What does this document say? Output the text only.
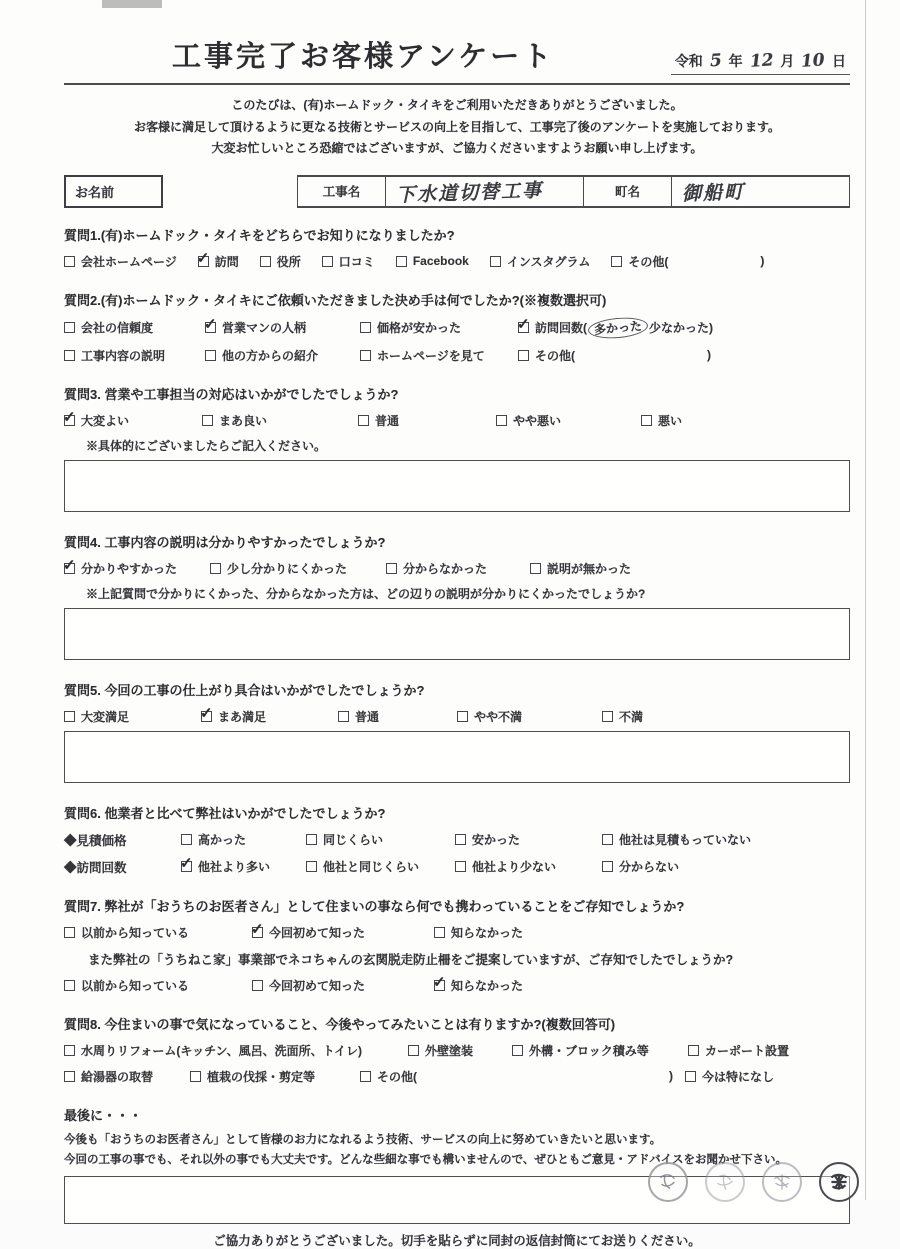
工事完了お客様アンケート	令和 5 年 12 月 10 日
このたびは、(有)ホームドック・タイキをご利用いただきありがとうございました。
お客様に満足して頂けるように更なる技術とサービスの向上を目指して、工事完了後のアンケートを実施しております。
大変お忙しいところ恐縮ではございますが、ご協力くださいますようお願い申し上げます。
お名前	工事名	下水道切替工事	町名	御船町
質問1.(有)ホームドック・タイキをどちらでお知りになりましたか?
会社ホームページ ✓	訪問	役所	口コミ	Facebook	インスタグラム	その他(	)
質問2.(有)ホームドック・タイキにご依頼いただきました決め手は何でしたか?(※複数選択可)
会社の信頼度 ✓	営業マンの人柄	価格が安かった ✓	訪問回数( 多かった 少なかった)
工事内容の説明	他の方からの紹介	ホームページを見て	その他(	)
質問3. 営業や工事担当の対応はいかがでしたでしょうか?
✓
大変よい	まあ良い	普通	やや悪い	悪い
※具体的にございましたらご記入ください。
質問4. 工事内容の説明は分かりやすかったでしょうか?
✓
分かりやすかった	少し分かりにくかった	分からなかった	説明が無かった
※上記質問で分かりにくかった、分からなかった方は、どの辺りの説明が分かりにくかったでしょうか?
質問5. 今回の工事の仕上がり具合はいかがでしたでしょうか?
大変満足 ✓	まあ満足	普通	やや不満	不満
質問6. 他業者と比べて弊社はいかがでしたでしょうか?
◆見積価格	高かった	同じくらい	安かった	他社は見積もっていない
◆訪問回数 ✓	他社より多い	他社と同じくらい	他社より少ない	分からない
質問7. 弊社が「おうちのお医者さん」として住まいの事なら何でも携わっていることをご存知でしょうか?
以前から知っている ✓	今回初めて知った	知らなかった
また弊社の「うちねこ家」事業部でネコちゃんの玄関脱走防止柵をご提案していますが、ご存知でしたでしょうか?
以前から知っている	今回初めて知った ✓	知らなかった
質問8. 今住まいの事で気になっていること、今後やってみたいことは有りますか?(複数回答可)
水周りリフォーム(キッチン、風呂、洗面所、トイレ)	外壁塗装	外構・ブロック積み等	カーポート設置
給湯器の取替	植栽の伐採・剪定等	その他(	) 今は特になし
最後に・・・
今後も「おうちのお医者さん」として皆様のお力になれるよう技術、サービスの向上に努めていきたいと思います。
今回の工事の事でも、それ以外の事でも大丈夫です。どんな些細な事でも構いませんので、ぜひともご意見・アドバイスをお聞かせ下さい。
ご協力ありがとうございました。切手を貼らずに同封の返信封筒にてお送りください。
